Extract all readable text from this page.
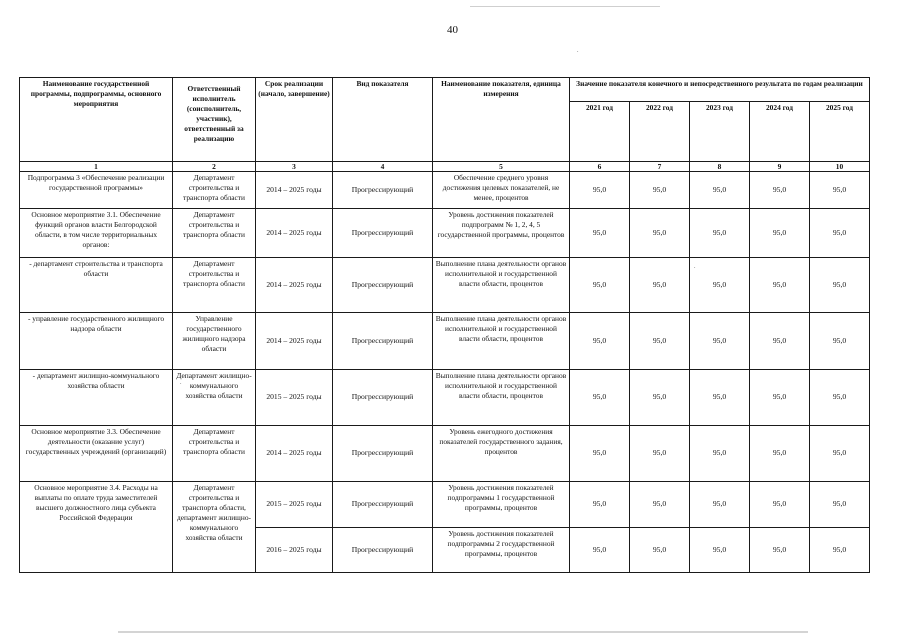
40
.
Наименование государственной программы, подпрограммы, основного мероприятия	Ответственный исполнитель (соисполнитель, участник), ответственный за реализацию	Срок реализации (начало, завершение)	Вид показателя	Наименование показателя, единица измерения	Значение показателя конечного и непосредственного результата по годам реализации				
					2021 год	2022 год	2023 год	2024 год	2025 год
1	2	3	4	5	6	7	8	9	10
Подпрограмма 3 «Обеспечение реализации государственной программы»	Департамент строительства и транспорта области	2014 – 2025 годы	Прогрессирующий	Обеспечение среднего уровня достижения целевых показателей, не менее, процентов	95,0	95,0	95,0	95,0	95,0
Основное мероприятие 3.1. Обеспечение функций органов власти Белгородской области, в том числе территориальных органов:	Департамент строительства и транспорта области	2014 – 2025 годы	Прогрессирующий	Уровень достижения показателей подпрограмм № 1, 2, 4, 5 государственной программы, процентов	95,0	95,0	95,0	95,0	95,0
- департамент строительства и транспорта области	Департамент строительства и транспорта области	2014 – 2025 годы	Прогрессирующий	Выполнение плана деятельности органов исполнительной и государственной власти области, процентов	95,0	95,0	95,0	95,0	95,0
- управление государственного жилищного надзора области	Управление государственного жилищного надзора области	2014 – 2025 годы	Прогрессирующий	Выполнение плана деятельности органов исполнительной и государственной власти области, процентов	95,0	95,0	95,0	95,0	95,0
- департамент жилищно-коммунального хозяйства области	Департамент жилищно-коммунального хозяйства области	2015 – 2025 годы	Прогрессирующий	Выполнение плана деятельности органов исполнительной и государственной власти области, процентов	95,0	95,0	95,0	95,0	95,0
Основное мероприятие 3.3. Обеспечение деятельности (оказание услуг) государственных учреждений (организаций)	Департамент строительства и транспорта области	2014 – 2025 годы	Прогрессирующий	Уровень ежегодного достижения показателей государственного задания, процентов	95,0	95,0	95,0	95,0	95,0
Основное мероприятие 3.4. Расходы на выплаты по оплате труда заместителей высшего должностного лица субъекта Российской Федерации	Департамент строительства и транспорта области, департамент жилищно-коммунального хозяйства области	2015 – 2025 годы	Прогрессирующий	Уровень достижения показателей подпрограммы 1 государственной программы, процентов	95,0	95,0	95,0	95,0	95,0
		2016 – 2025 годы	Прогрессирующий	Уровень достижения показателей подпрограммы 2 государственной программы, процентов	95,0	95,0	95,0	95,0	95,0
.
.
